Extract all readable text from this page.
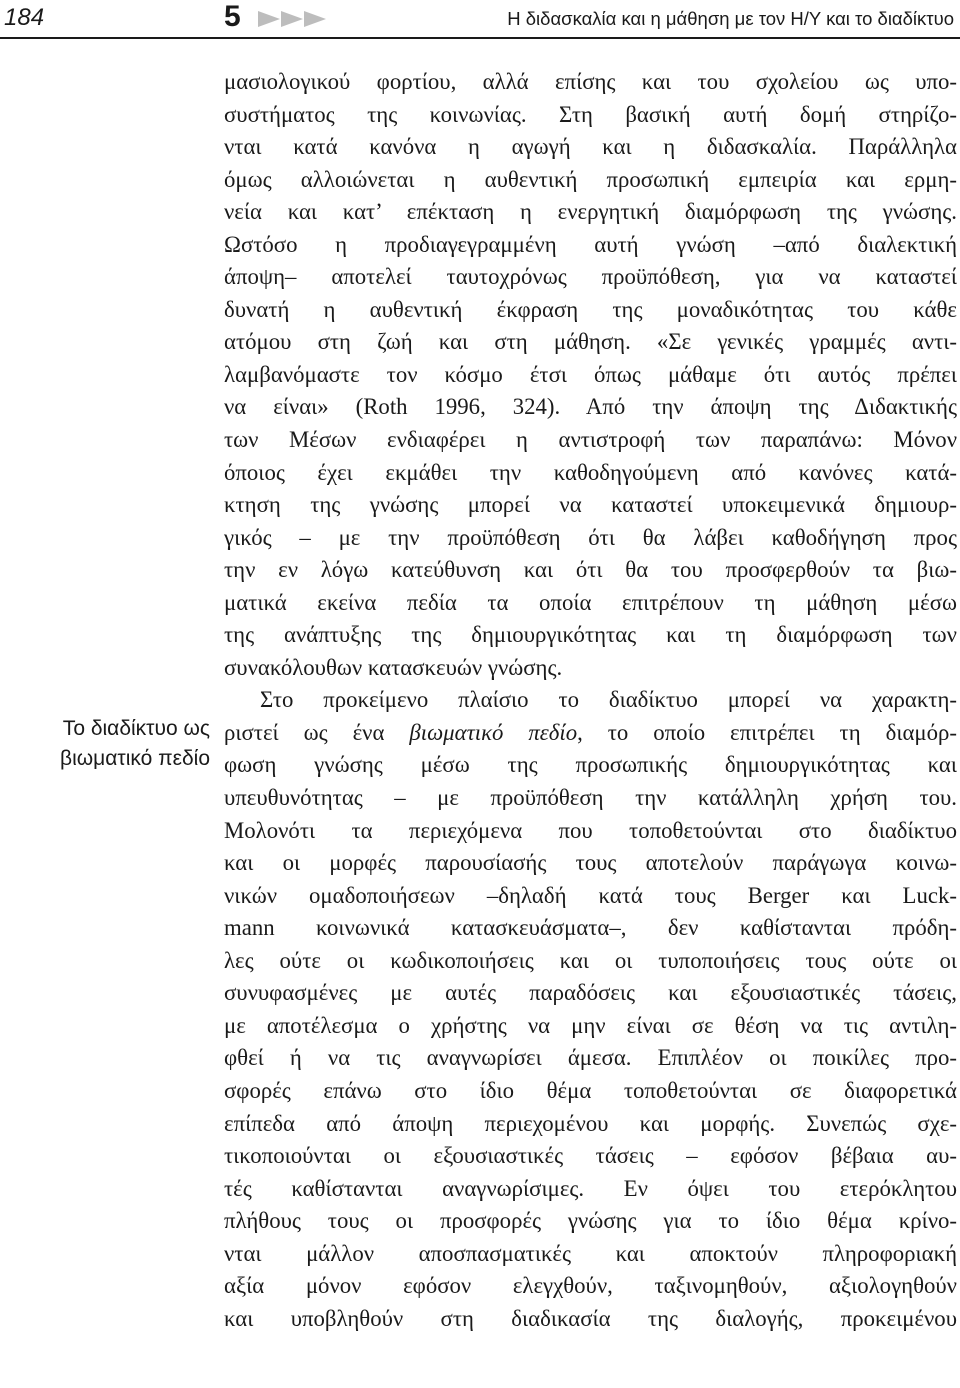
184	5	Η διδασκαλία και η μάθηση με τον Η/Υ και το διαδίκτυο
Το διαδίκτυο ως
βιωματικό πεδίο
μασιολογικού φορτίου, αλλά επίσης και του σχολείου ως υπο-
συστήματος της κοινωνίας. Στη βασική αυτή δομή στηρίζο-
νται κατά κανόνα η αγωγή και η διδασκαλία. Παράλληλα
όμως αλλοιώνεται η αυθεντική προσωπική εμπειρία και ερμη-
νεία και κατ’ επέκταση η ενεργητική διαμόρφωση της γνώσης.
Ωστόσο η προδιαγεγραμμένη αυτή γνώση –από διαλεκτική
άποψη– αποτελεί ταυτοχρόνως προϋπόθεση, για να καταστεί
δυνατή η αυθεντική έκφραση της μοναδικότητας του κάθε
ατόμου στη ζωή και στη μάθηση. «Σε γενικές γραμμές αντι-
λαμβανόμαστε τον κόσμο έτσι όπως μάθαμε ότι αυτός πρέπει
να είναι» (Roth 1996, 324). Από την άποψη της Διδακτικής
των Μέσων ενδιαφέρει η αντιστροφή των παραπάνω: Μόνον
όποιος έχει εκμάθει την καθοδηγούμενη από κανόνες κατά-
κτηση της γνώσης μπορεί να καταστεί υποκειμενικά δημιουρ-
γικός – με την προϋπόθεση ότι θα λάβει καθοδήγηση προς
την εν λόγω κατεύθυνση και ότι θα του προσφερθούν τα βιω-
ματικά εκείνα πεδία τα οποία επιτρέπουν τη μάθηση μέσω
της ανάπτυξης της δημιουργικότητας και τη διαμόρφωση των
συνακόλουθων κατασκευών γνώσης.
Στο προκείμενο πλαίσιο το διαδίκτυο μπορεί να χαρακτη-
ριστεί ως ένα βιωματικό πεδίο, το οποίο επιτρέπει τη διαμόρ-
φωση γνώσης μέσω της προσωπικής δημιουργικότητας και
υπευθυνότητας – με προϋπόθεση την κατάλληλη χρήση του.
Μολονότι τα περιεχόμενα που τοποθετούνται στο διαδίκτυο
και οι μορφές παρουσίασής τους αποτελούν παράγωγα κοινω-
νικών ομαδοποιήσεων –δηλαδή κατά τους Berger και Luck-
mann κοινωνικά κατασκευάσματα–, δεν καθίστανται πρόδη-
λες ούτε οι κωδικοποιήσεις και οι τυποποιήσεις τους ούτε οι
συνυφασμένες με αυτές παραδόσεις και εξουσιαστικές τάσεις,
με αποτέλεσμα ο χρήστης να μην είναι σε θέση να τις αντιλη-
φθεί ή να τις αναγνωρίσει άμεσα. Επιπλέον οι ποικίλες προ-
σφορές επάνω στο ίδιο θέμα τοποθετούνται σε διαφορετικά
επίπεδα από άποψη περιεχομένου και μορφής. Συνεπώς σχε-
τικοποιούνται οι εξουσιαστικές τάσεις – εφόσον βέβαια αυ-
τές καθίστανται αναγνωρίσιμες. Εν όψει του ετερόκλητου
πλήθους τους οι προσφορές γνώσης για το ίδιο θέμα κρίνο-
νται μάλλον αποσπασματικές και αποκτούν πληροφοριακή
αξία μόνον εφόσον ελεγχθούν, ταξινομηθούν, αξιολογηθούν
και υποβληθούν στη διαδικασία της διαλογής, προκειμένου
